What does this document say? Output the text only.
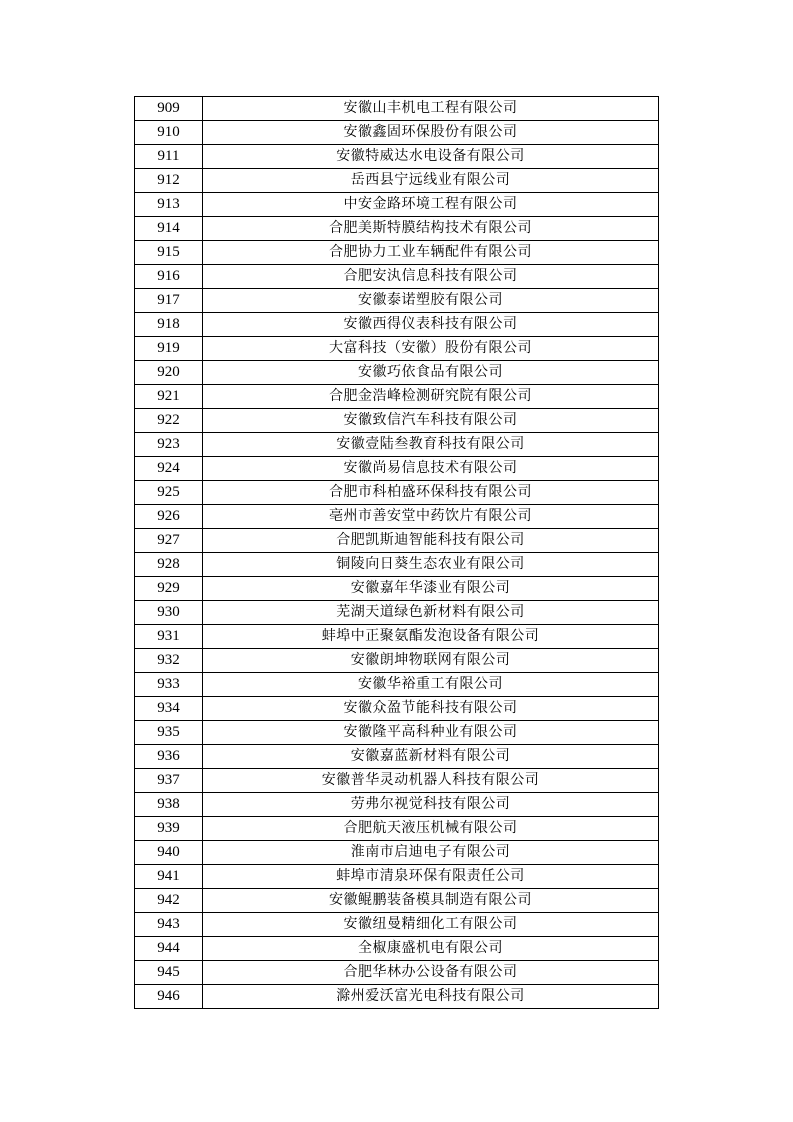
909	安徽山丰机电工程有限公司
910	安徽鑫固环保股份有限公司
911	安徽特威达水电设备有限公司
912	岳西县宁远线业有限公司
913	中安金路环境工程有限公司
914	合肥美斯特膜结构技术有限公司
915	合肥协力工业车辆配件有限公司
916	合肥安汍信息科技有限公司
917	安徽泰诺塑胶有限公司
918	安徽西得仪表科技有限公司
919	大富科技（安徽）股份有限公司
920	安徽巧依食品有限公司
921	合肥金浩峰检测研究院有限公司
922	安徽致信汽车科技有限公司
923	安徽壹陆叁教育科技有限公司
924	安徽尚易信息技术有限公司
925	合肥市科柏盛环保科技有限公司
926	亳州市善安堂中药饮片有限公司
927	合肥凯斯迪智能科技有限公司
928	铜陵向日葵生态农业有限公司
929	安徽嘉年华漆业有限公司
930	芜湖天道绿色新材料有限公司
931	蚌埠中正聚氨酯发泡设备有限公司
932	安徽朗坤物联网有限公司
933	安徽华裕重工有限公司
934	安徽众盈节能科技有限公司
935	安徽隆平高科种业有限公司
936	安徽嘉蓝新材料有限公司
937	安徽普华灵动机器人科技有限公司
938	劳弗尔视觉科技有限公司
939	合肥航天液压机械有限公司
940	淮南市启迪电子有限公司
941	蚌埠市清泉环保有限责任公司
942	安徽鲲鹏装备模具制造有限公司
943	安徽纽曼精细化工有限公司
944	全椒康盛机电有限公司
945	合肥华林办公设备有限公司
946	滁州爱沃富光电科技有限公司
